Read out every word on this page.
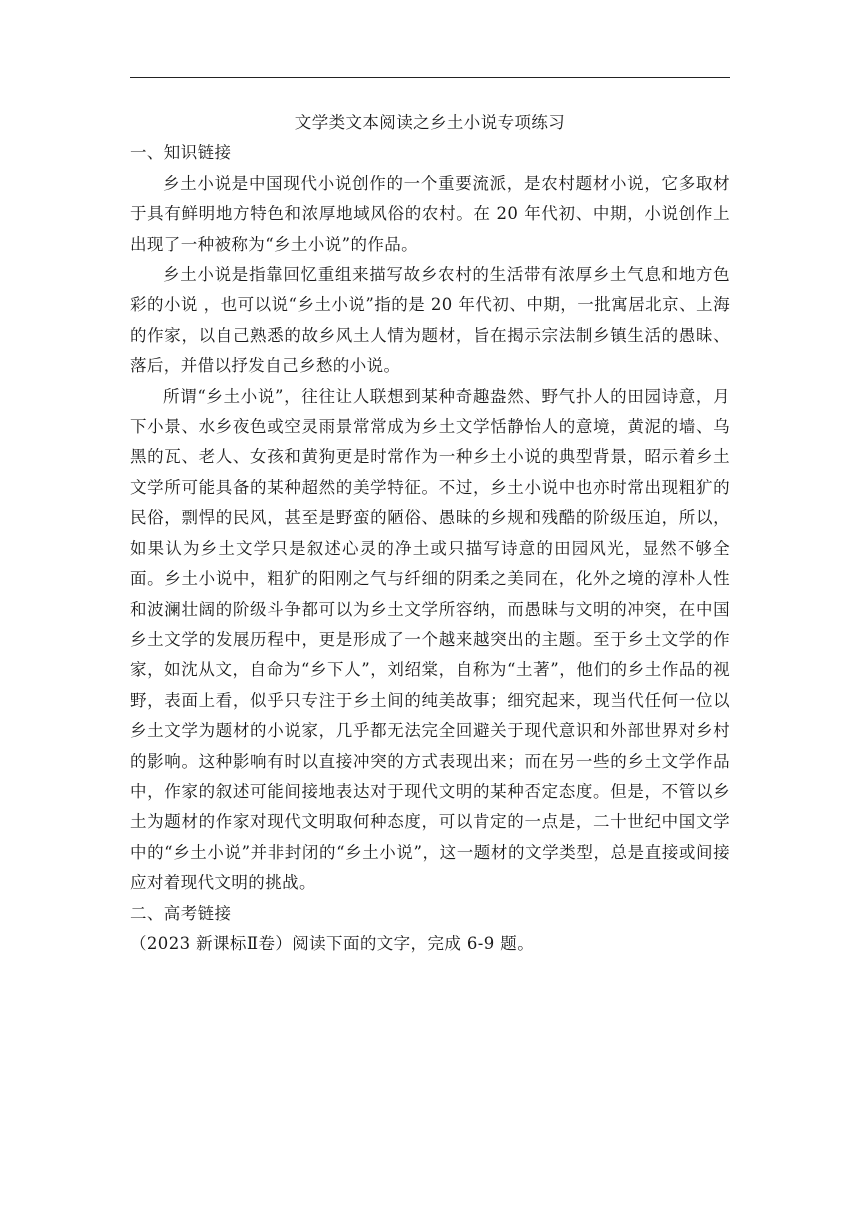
文学类文本阅读之乡土小说专项练习

一、知识链接

乡土小说是中国现代小说创作的一个重要流派，是农村题材小说，它多取材于具有鲜明地方特色和浓厚地域风俗的农村。在 20 年代初、中期，小说创作上出现了一种被称为“乡土小说”的作品。

乡土小说是指靠回忆重组来描写故乡农村的生活带有浓厚乡土气息和地方色彩的小说 ，也可以说“乡土小说”指的是 20 年代初、中期，一批寓居北京、上海的作家，以自己熟悉的故乡风土人情为题材，旨在揭示宗法制乡镇生活的愚昧、落后，并借以抒发自己乡愁的小说。

所谓“乡土小说”，往往让人联想到某种奇趣盎然、野气扑人的田园诗意，月下小景、水乡夜色或空灵雨景常常成为乡土文学恬静怡人的意境，黄泥的墙、乌黑的瓦、老人、女孩和黄狗更是时常作为一种乡土小说的典型背景，昭示着乡土文学所可能具备的某种超然的美学特征。不过，乡土小说中也亦时常出现粗犷的民俗，剽悍的民风，甚至是野蛮的陋俗、愚昧的乡规和残酷的阶级压迫，所以，如果认为乡土文学只是叙述心灵的净土或只描写诗意的田园风光，显然不够全面。乡土小说中，粗犷的阳刚之气与纤细的阴柔之美同在，化外之境的淳朴人性和波澜壮阔的阶级斗争都可以为乡土文学所容纳，而愚昧与文明的冲突，在中国乡土文学的发展历程中，更是形成了一个越来越突出的主题。至于乡土文学的作家，如沈从文，自命为“乡下人”，刘绍棠，自称为“土著”，他们的乡土作品的视野，表面上看，似乎只专注于乡土间的纯美故事；细究起来，现当代任何一位以乡土文学为题材的小说家，几乎都无法完全回避关于现代意识和外部世界对乡村的影响。这种影响有时以直接冲突的方式表现出来；而在另一些的乡土文学作品中，作家的叙述可能间接地表达对于现代文明的某种否定态度。但是，不管以乡土为题材的作家对现代文明取何种态度，可以肯定的一点是，二十世纪中国文学中的“乡土小说”并非封闭的“乡土小说”，这一题材的文学类型，总是直接或间接应对着现代文明的挑战。

二、高考链接

（2023 新课标Ⅱ卷）阅读下面的文字，完成 6-9 题。
